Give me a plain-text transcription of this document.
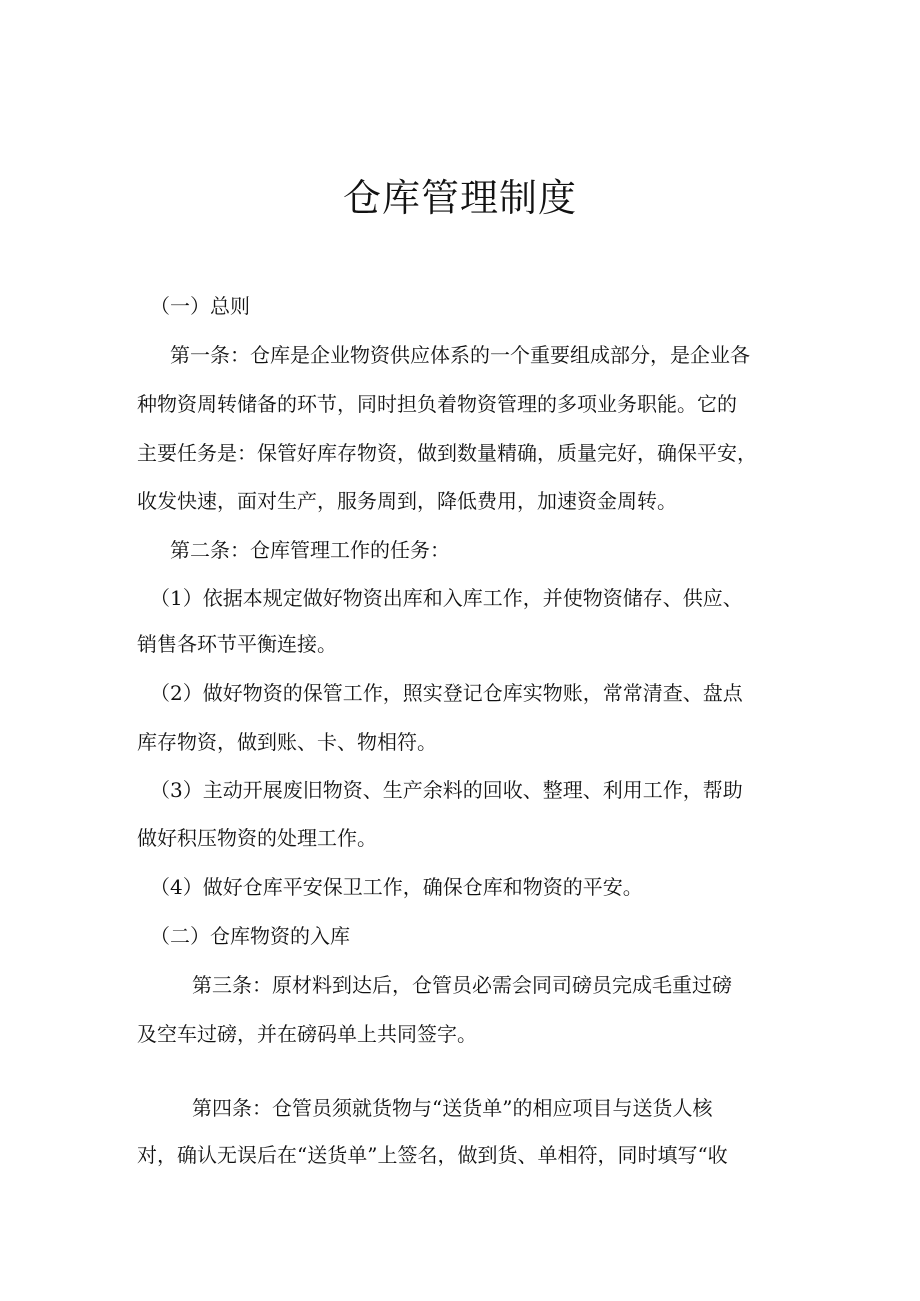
仓库管理制度

（一）总则

第一条：仓库是企业物资供应体系的一个重要组成部分，是企业各

种物资周转储备的环节，同时担负着物资管理的多项业务职能。它的

主要任务是：保管好库存物资，做到数量精确，质量完好，确保平安，

收发快速，面对生产，服务周到，降低费用，加速资金周转。

第二条：仓库管理工作的任务：

（1）依据本规定做好物资出库和入库工作，并使物资储存、供应、

销售各环节平衡连接。

（2）做好物资的保管工作，照实登记仓库实物账，常常清查、盘点

库存物资，做到账、卡、物相符。

（3）主动开展废旧物资、生产余料的回收、整理、利用工作，帮助

做好积压物资的处理工作。

（4）做好仓库平安保卫工作，确保仓库和物资的平安。

（二）仓库物资的入库

第三条：原材料到达后，仓管员必需会同司磅员完成毛重过磅

及空车过磅，并在磅码单上共同签字。

第四条：仓管员须就货物与“送货单”的相应项目与送货人核

对，确认无误后在“送货单”上签名，做到货、单相符，同时填写“收
